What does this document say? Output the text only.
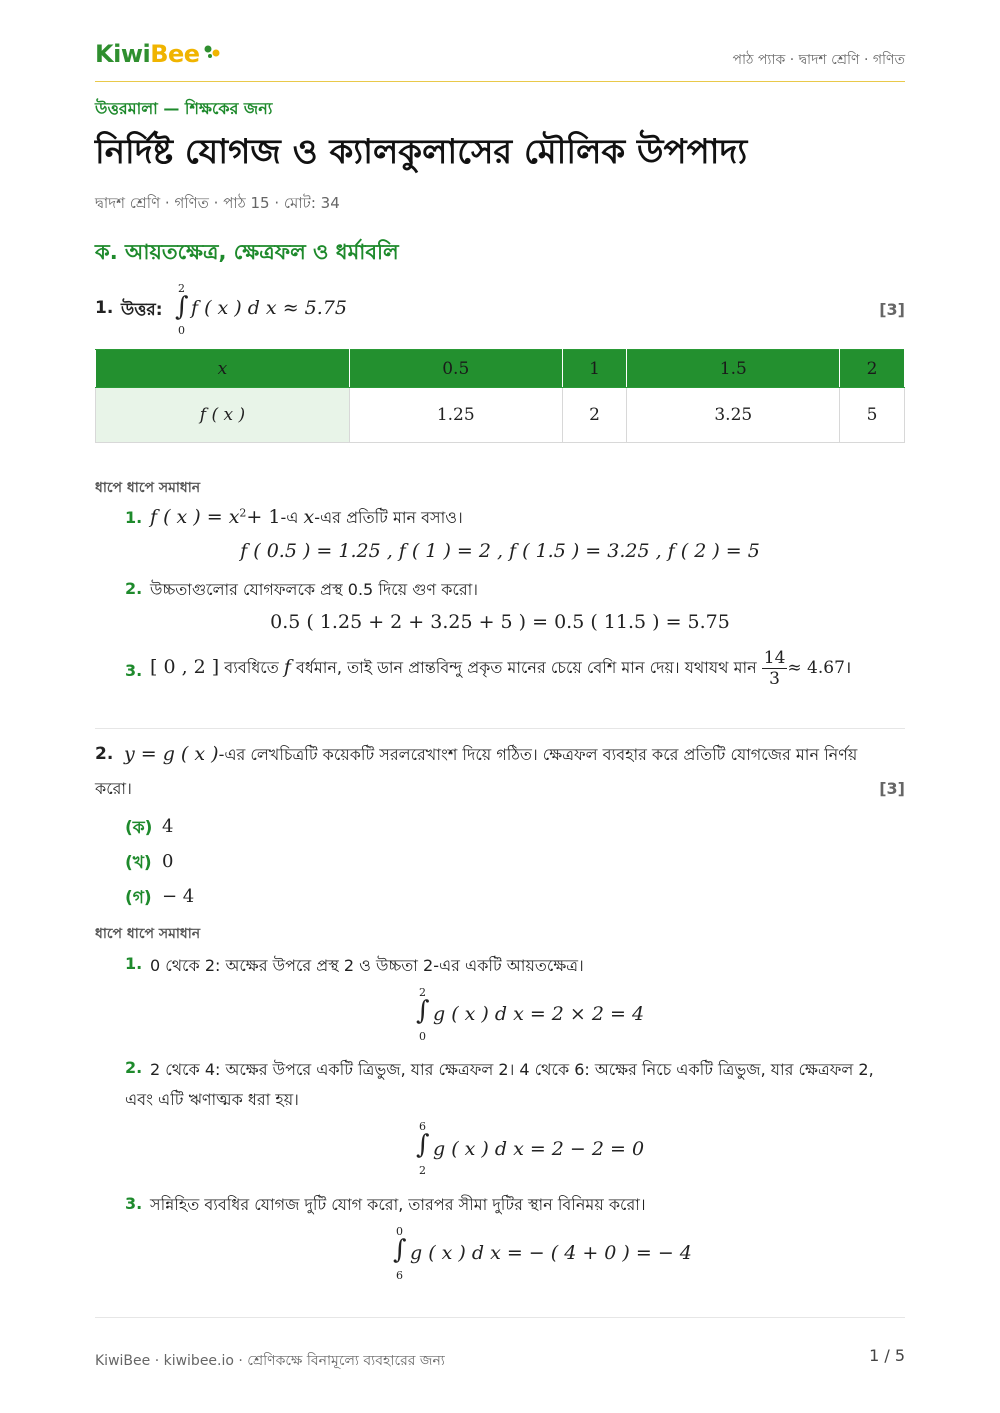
KiwiBee	পাঠ প্যাক · দ্বাদশ শ্রেণি · গণিত
উত্তরমালা — শিক্ষকের জন্য
নির্দিষ্ট যোগজ ও ক্যালকুলাসের মৌলিক উপপাদ্য
দ্বাদশ শ্রেণি · গণিত · পাঠ 15 · মোট: 34
ক. আয়তক্ষেত্র, ক্ষেত্রফল ও ধর্মাবলি
1. উত্তর:
2
∫
0
f ( x ) d x ≈ 5.75	[3]
x	0.5	1	1.5	2
f ( x )	1.25	2	3.25	5
ধাপে ধাপে সমাধান
1. f ( x ) = $x^2+$ 1-এ x-এর প্রতিটি মান বসাও।
f ( 0.5 ) = 1.25 , f ( 1 ) = 2 , f ( 1.5 ) = 3.25 , f ( 2 ) = 5
2. উচ্চতাগুলোর যোগফলকে প্রস্থ 0.5 দিয়ে গুণ করো।
0.5 ( 1.25 + 2 + 3.25 + 5 ) = 0.5 ( 11.5 ) = 5.75
3. [ 0 , 2 ] ব্যবধিতে f বর্ধমান, তাই ডান প্রান্তবিন্দু প্রকৃত মানের চেয়ে বেশি মান দেয়। যথাযথ মান $\frac{14}{3}$ ≈ 4.67।
2. y = g ( x )-এর লেখচিত্রটি কয়েকটি সরলরেখাংশ দিয়ে গঠিত। ক্ষেত্রফল ব্যবহার করে প্রতিটি যোগজের মান নির্ণয়
করো।	[3]
(ক) 4
(খ) 0
(গ) − 4
ধাপে ধাপে সমাধান
1. 0 থেকে 2: অক্ষের উপরে প্রস্থ 2 ও উচ্চতা 2-এর একটি আয়তক্ষেত্র।
2
∫
0
g ( x ) d x = 2 × 2 = 4
2. 2 থেকে 4: অক্ষের উপরে একটি ত্রিভুজ, যার ক্ষেত্রফল 2। 4 থেকে 6: অক্ষের নিচে একটি ত্রিভুজ, যার ক্ষেত্রফল 2,
এবং এটি ঋণাত্মক ধরা হয়।
6
∫
2
g ( x ) d x = 2 − 2 = 0
3. সন্নিহিত ব্যবধির যোগজ দুটি যোগ করো, তারপর সীমা দুটির স্থান বিনিময় করো।
0
∫
6
g ( x ) d x = − ( 4 + 0 ) = − 4
KiwiBee · kiwibee.io · শ্রেণিকক্ষে বিনামূল্যে ব্যবহারের জন্য	1 / 5
